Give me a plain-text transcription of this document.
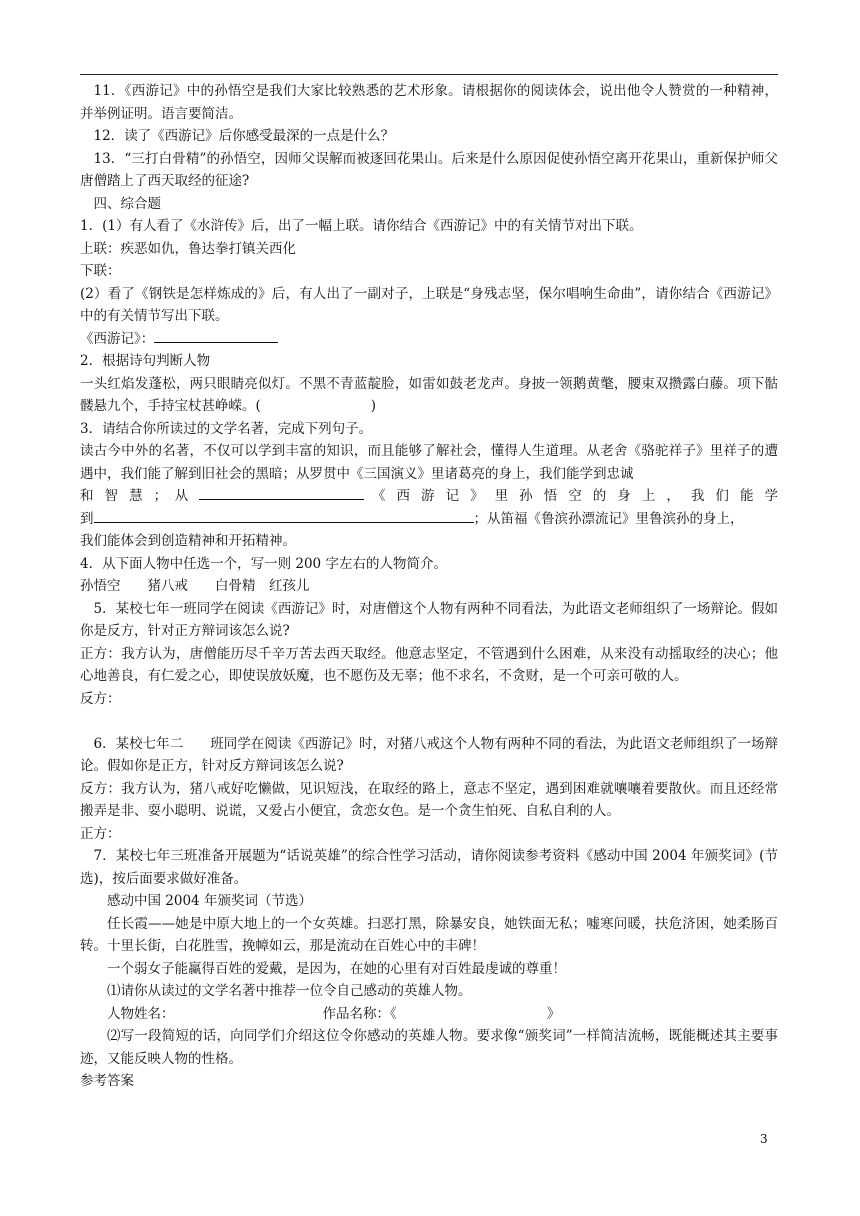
11．《西游记》中的孙悟空是我们大家比较熟悉的艺术形象。请根据你的阅读体会，说出他令人赞赏的一种精神，并举例证明。语言要简洁。

12．读了《西游记》后你感受最深的一点是什么？

13．“三打白骨精”的孙悟空，因师父误解而被逐回花果山。后来是什么原因促使孙悟空离开花果山，重新保护师父唐僧踏上了西天取经的征途?

四、综合题

1．(1）有人看了《水浒传》后，出了一幅上联。请你结合《西游记》中的有关情节对出下联。

上联：疾恶如仇，鲁达拳打镇关西化

下联：

(2）看了《钢铁是怎样炼成的》后，有人出了一副对子，上联是“身残志坚，保尔唱响生命曲”，请你结合《西游记》中的有关情节写出下联。

《西游记》：

2．根据诗句判断人物

一头红焰发蓬松，两只眼睛亮似灯。不黑不青蓝靛脸，如雷如鼓老龙声。身披一领鹅黄氅，腰束双攒露白藤。项下骷髅悬九个，手持宝杖甚峥嵘。(	)

3．请结合你所读过的文学名著，完成下列句子。

读古今中外的名著，不仅可以学到丰富的知识，而且能够了解社会，懂得人生道理。从老舍《骆驼祥子》里祥子的遭遇中，我们能了解到旧社会的黑暗；从罗贯中《三国演义》里诸葛亮的身上，我们能学到忠诚

和 智 慧 ； 从	《 西 游 记 》 里 孙 悟 空 的 身 上 ， 我 们 能 学

到	；从笛福《鲁滨孙漂流记》里鲁滨孙的身上，

我们能体会到创造精神和开拓精神。

4．从下面人物中任选一个，写一则 200 字左右的人物简介。

孙悟空　　猪八戒　　白骨精　红孩儿

5．某校七年一班同学在阅读《西游记》时，对唐僧这个人物有两种不同看法，为此语文老师组织了一场辩论。假如你是反方，针对正方辩词该怎么说?

正方：我方认为，唐僧能历尽千辛万苦去西天取经。他意志坚定，不管遇到什么困难，从来没有动摇取经的决心；他心地善良，有仁爱之心，即使误放妖魔，也不愿伤及无辜；他不求名，不贪财，是一个可亲可敬的人。

反方：

6．某校七年二　　班同学在阅读《西游记》时，对猪八戒这个人物有两种不同的看法，为此语文老师组织了一场辩论。假如你是正方，针对反方辩词该怎么说?

反方：我方认为，猪八戒好吃懒做，见识短浅，在取经的路上，意志不坚定，遇到困难就嚷嚷着要散伙。而且还经常搬弄是非、耍小聪明、说谎，又爱占小便宜，贪恋女色。是一个贪生怕死、自私自利的人。

正方：

7．某校七年三班准备开展题为“话说英雄”的综合性学习活动，请你阅读参考资料《感动中国 2004 年颁奖词》(节选)，按后面要求做好准备。

感动中国 2004 年颁奖词（节选）

任长霞——她是中原大地上的一个女英雄。扫恶打黑，除暴安良，她铁面无私；嘘寒问暖，扶危济困，她柔肠百转。十里长街，白花胜雪，挽幛如云，那是流动在百姓心中的丰碑！

一个弱女子能赢得百姓的爱戴，是因为，在她的心里有对百姓最虔诚的尊重！

⑴请你从读过的文学名著中推荐一位令自己感动的英雄人物。

人物姓名：	作品名称：《	》

⑵写一段简短的话，向同学们介绍这位令你感动的英雄人物。要求像“颁奖词”一样简洁流畅，既能概述其主要事迹，又能反映人物的性格。

参考答案

3
